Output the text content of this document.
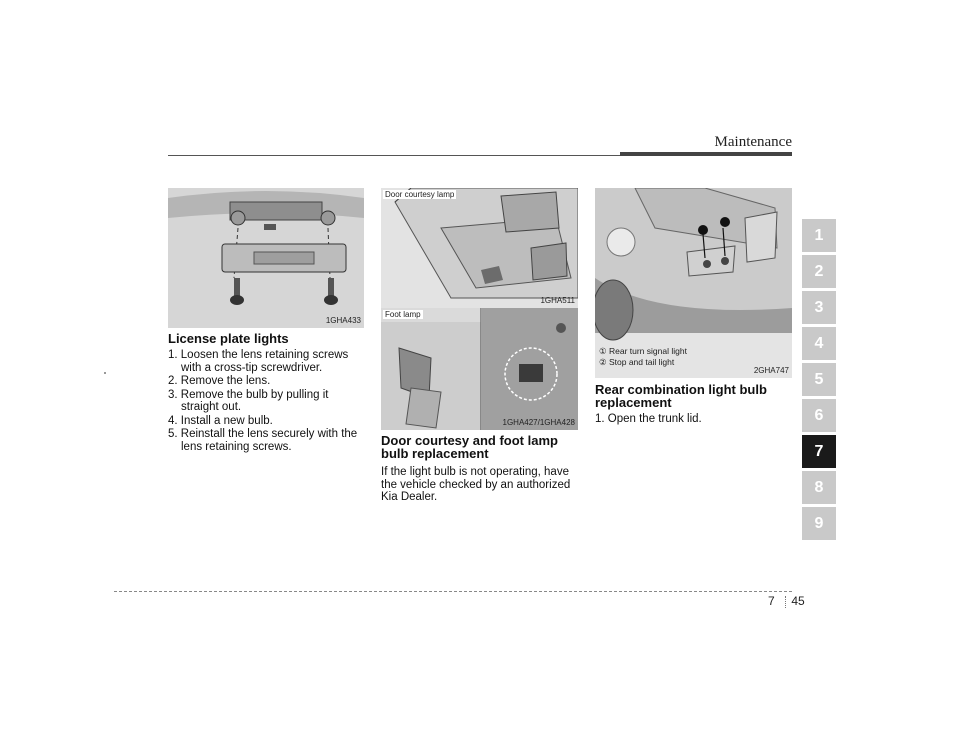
Maintenance
1
2
3
4
5
6
7
8
9
1GHA433
License plate lights
1. Loosen the lens retaining screws with a cross-tip screwdriver.
2. Remove the lens.
3. Remove the bulb by pulling it straight out.
4. Install a new bulb.
5. Reinstall the lens securely with the lens retaining screws.
Door courtesy lamp
1GHA511
Foot lamp
1GHA427/1GHA428
Door courtesy and foot lamp bulb replacement
If the light bulb is not operating, have the vehicle checked by an authorized Kia Dealer.
① Rear turn signal light
② Stop and tail light
2GHA747
Rear combination light bulb replacement
1. Open the trunk lid.
7 45
